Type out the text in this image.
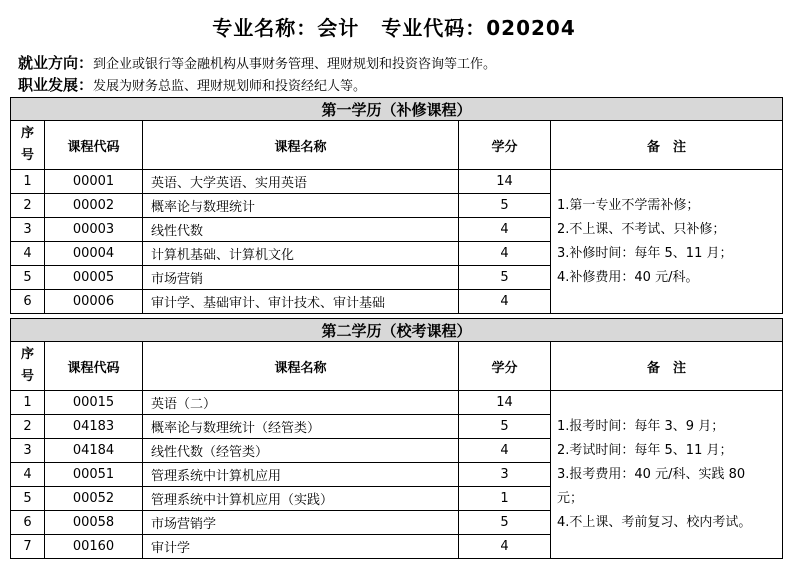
专业名称：会计 专业代码：020204
就业方向：到企业或银行等金融机构从事财务管理、理财规划和投资咨询等工作。
职业发展：发展为财务总监、理财规划师和投资经纪人等。
第一学历（补修课程）				
序
号	课程代码	课程名称	学分	备　注
1	00001	英语、大学英语、实用英语	14	1.第一专业不学需补修；
2.不上课、不考试、只补修；
3.补修时间：每年 5、11 月；
4.补修费用：40 元/科。

2	00002	概率论与数理统计	5	
3	00003	线性代数	4	
4	00004	计算机基础、计算机文化	4	
5	00005	市场营销	5	
6	00006	审计学、基础审计、审计技术、审计基础	4	
第二学历（校考课程）				
序
号	课程代码	课程名称	学分	备　注
1	00015	英语（二）	14	1.报考时间：每年 3、9 月；
2.考试时间：每年 5、11 月；
3.报考费用：40 元/科、实践 80
元；
4.不上课、考前复习、校内考试。

2	04183	概率论与数理统计（经管类）	5	
3	04184	线性代数（经管类）	4	
4	00051	管理系统中计算机应用	3	
5	00052	管理系统中计算机应用（实践）	1	
6	00058	市场营销学	5	
7	00160	审计学	4	
